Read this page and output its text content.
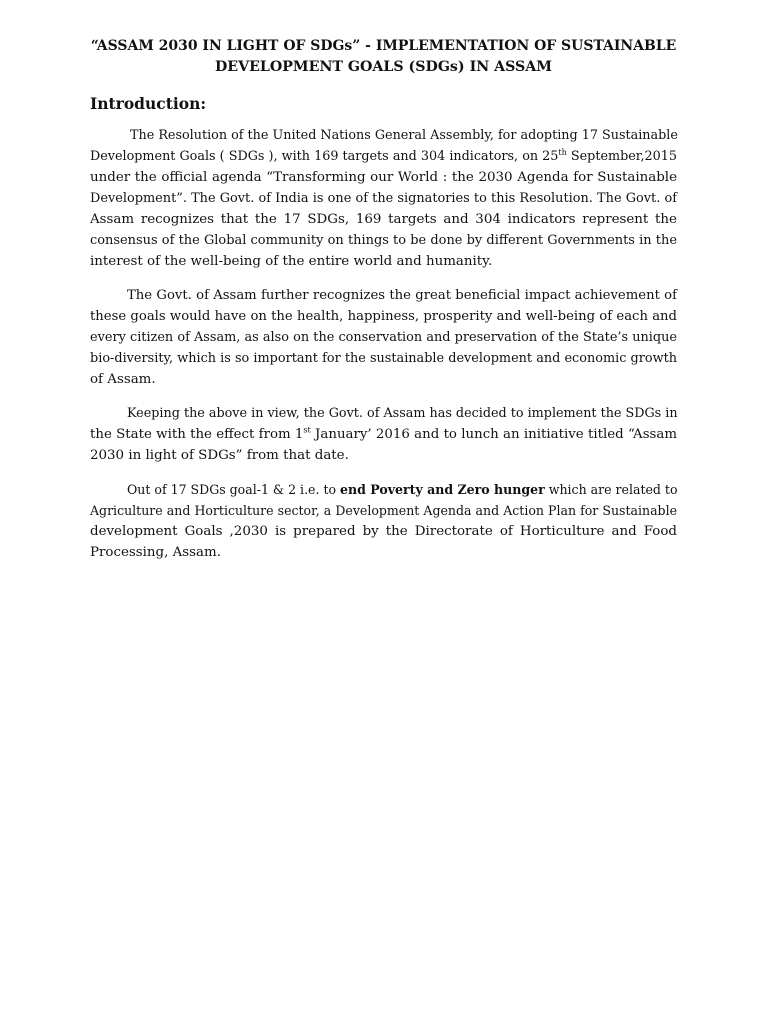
“ASSAM 2030 IN LIGHT OF SDGs” - IMPLEMENTATION OF SUSTAINABLE
DEVELOPMENT GOALS (SDGs) IN ASSAM
Introduction:
The Resolution of the United Nations General Assembly, for adopting 17 Sustainable
Development Goals ( SDGs ), with 169 targets and 304 indicators, on 25th September,2015
under the official agenda “Transforming our World : the 2030 Agenda for Sustainable
Development”. The Govt. of India is one of the signatories to this Resolution. The Govt. of
Assam recognizes that the 17 SDGs, 169 targets and 304 indicators represent the
consensus of the Global community on things to be done by different Governments in the
interest of the well-being of the entire world and humanity.
The Govt. of Assam further recognizes the great beneficial impact achievement of
these goals would have on the health, happiness, prosperity and well-being of each and
every citizen of Assam, as also on the conservation and preservation of the State’s unique
bio-diversity, which is so important for the sustainable development and economic growth
of Assam.
Keeping the above in view, the Govt. of Assam has decided to implement the SDGs in
the State with the effect from 1st January’ 2016 and to lunch an initiative titled “Assam
2030 in light of SDGs” from that date.
Out of 17 SDGs goal-1 & 2 i.e. to end Poverty and Zero hunger which are related to
Agriculture and Horticulture sector, a Development Agenda and Action Plan for Sustainable
development Goals ,2030 is prepared by the Directorate of Horticulture and Food
Processing, Assam.
